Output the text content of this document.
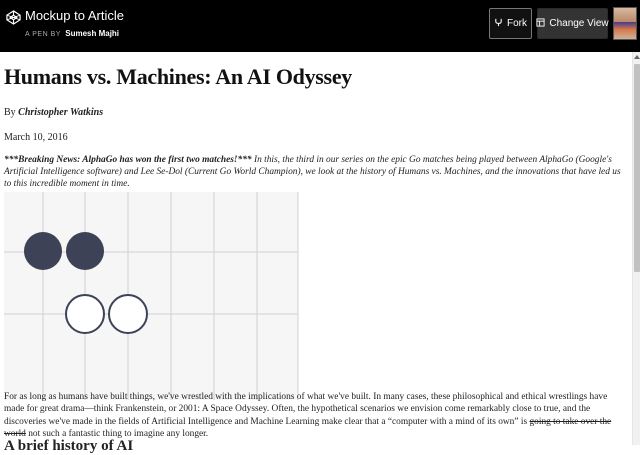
Mockup to Article
A PEN BY Sumesh Majhi
Fork Change View
Humans vs. Machines: An AI Odyssey
By Christopher Watkins
March 10, 2016

***Breaking News: AlphaGo has won the first two matches!*** In this, the third in our series on the epic Go matches being played between AlphaGo (Google's Artificial Intelligence software) and Lee Se-Dol (Current Go World Champion), we look at the history of Humans vs. Machines, and the innovations that have led us to this incredible moment in time.

For as long as humans have built things, we've wrestled with the implications of what we've built. In many cases, these philosophical and ethical wrestlings have made for great drama—think Frankenstein, or 2001: A Space Odyssey. Often, the hypothetical scenarios we envision come remarkably close to true, and the discoveries we've made in the fields of Artificial Intelligence and Machine Learning make clear that a “computer with a mind of its own” is going to take over the world not such a fantastic thing to imagine any longer.

A brief history of AI
